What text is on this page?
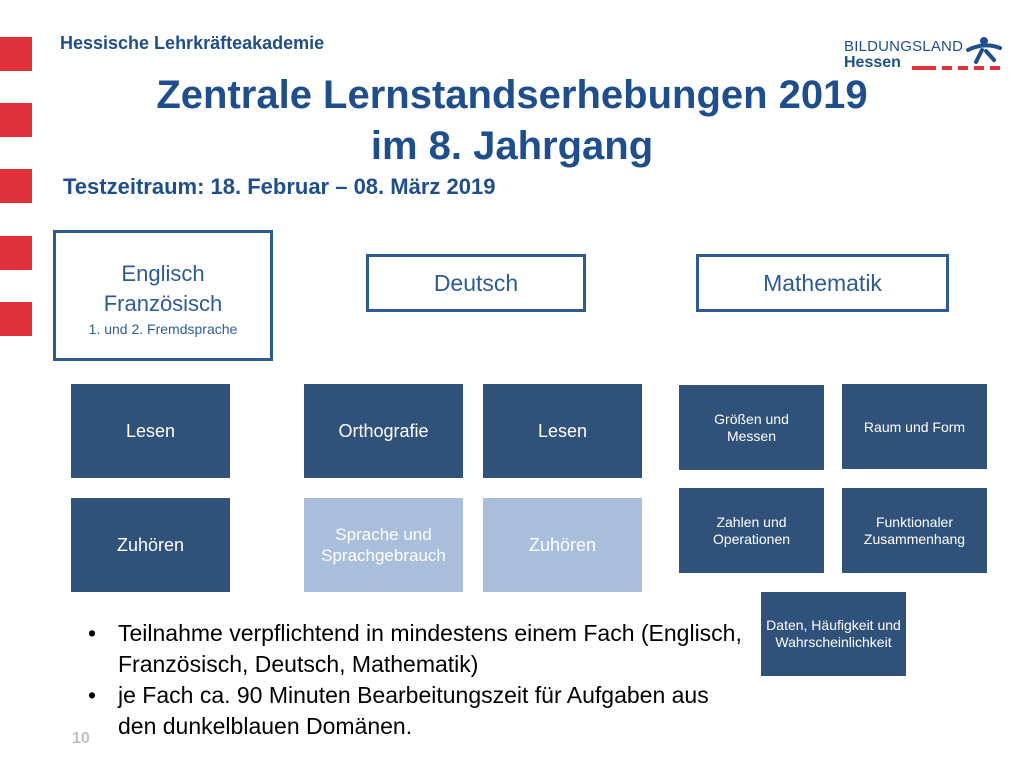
Hessische Lehrkräfteakademie	BILDUNGSLAND
Hessen
Zentrale Lernstandserhebungen 2019
im 8. Jahrgang
Testzeitraum: 18. Februar – 08. März 2019
Englisch
Französisch
1. und 2. Fremdsprache
Deutsch	Mathematik
Lesen
Zuhören
Orthografie	Lesen
Sprache und Sprachgebrauch
Zuhören
Größen und Messen
Raum und Form
Zahlen und Operationen
Funktionaler Zusammenhang
Daten, Häufigkeit und Wahrscheinlichkeit
• Teilnahme verpflichtend in mindestens einem Fach (Englisch, Französisch, Deutsch, Mathematik)
• je Fach ca. 90 Minuten Bearbeitungszeit für Aufgaben aus den dunkelblauen Domänen.
10
